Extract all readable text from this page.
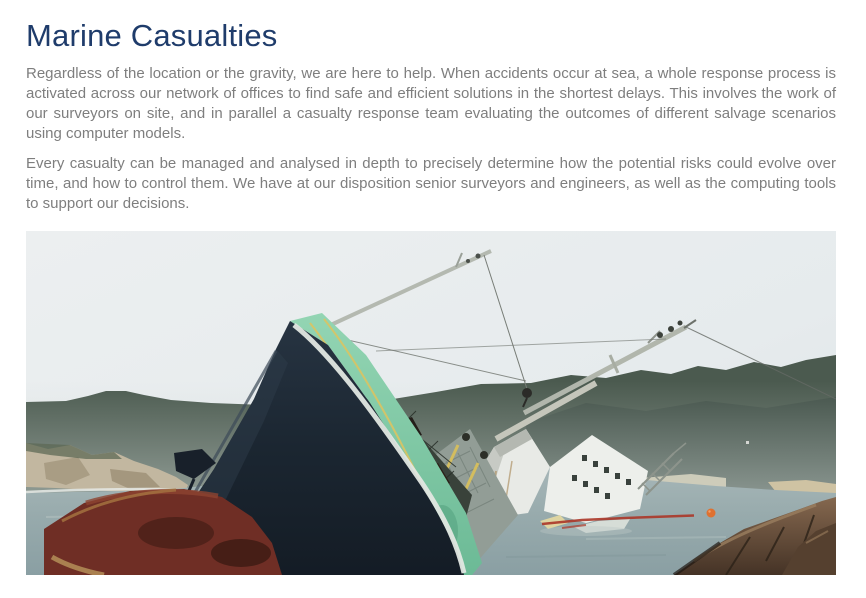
Marine Casualties

Regardless of the location or the gravity, we are here to help. When accidents occur at sea, a whole response process is activated across our network of offices to find safe and efficient solutions in the shortest delays. This involves the work of our surveyors on site, and in parallel a casualty response team evaluating the outcomes of different salvage scenarios using computer models.

Every casualty can be managed and analysed in depth to precisely determine how the potential risks could evolve over time, and how to control them. We have at our disposition senior surveyors and engineers, as well as the computing tools to support our decisions.
